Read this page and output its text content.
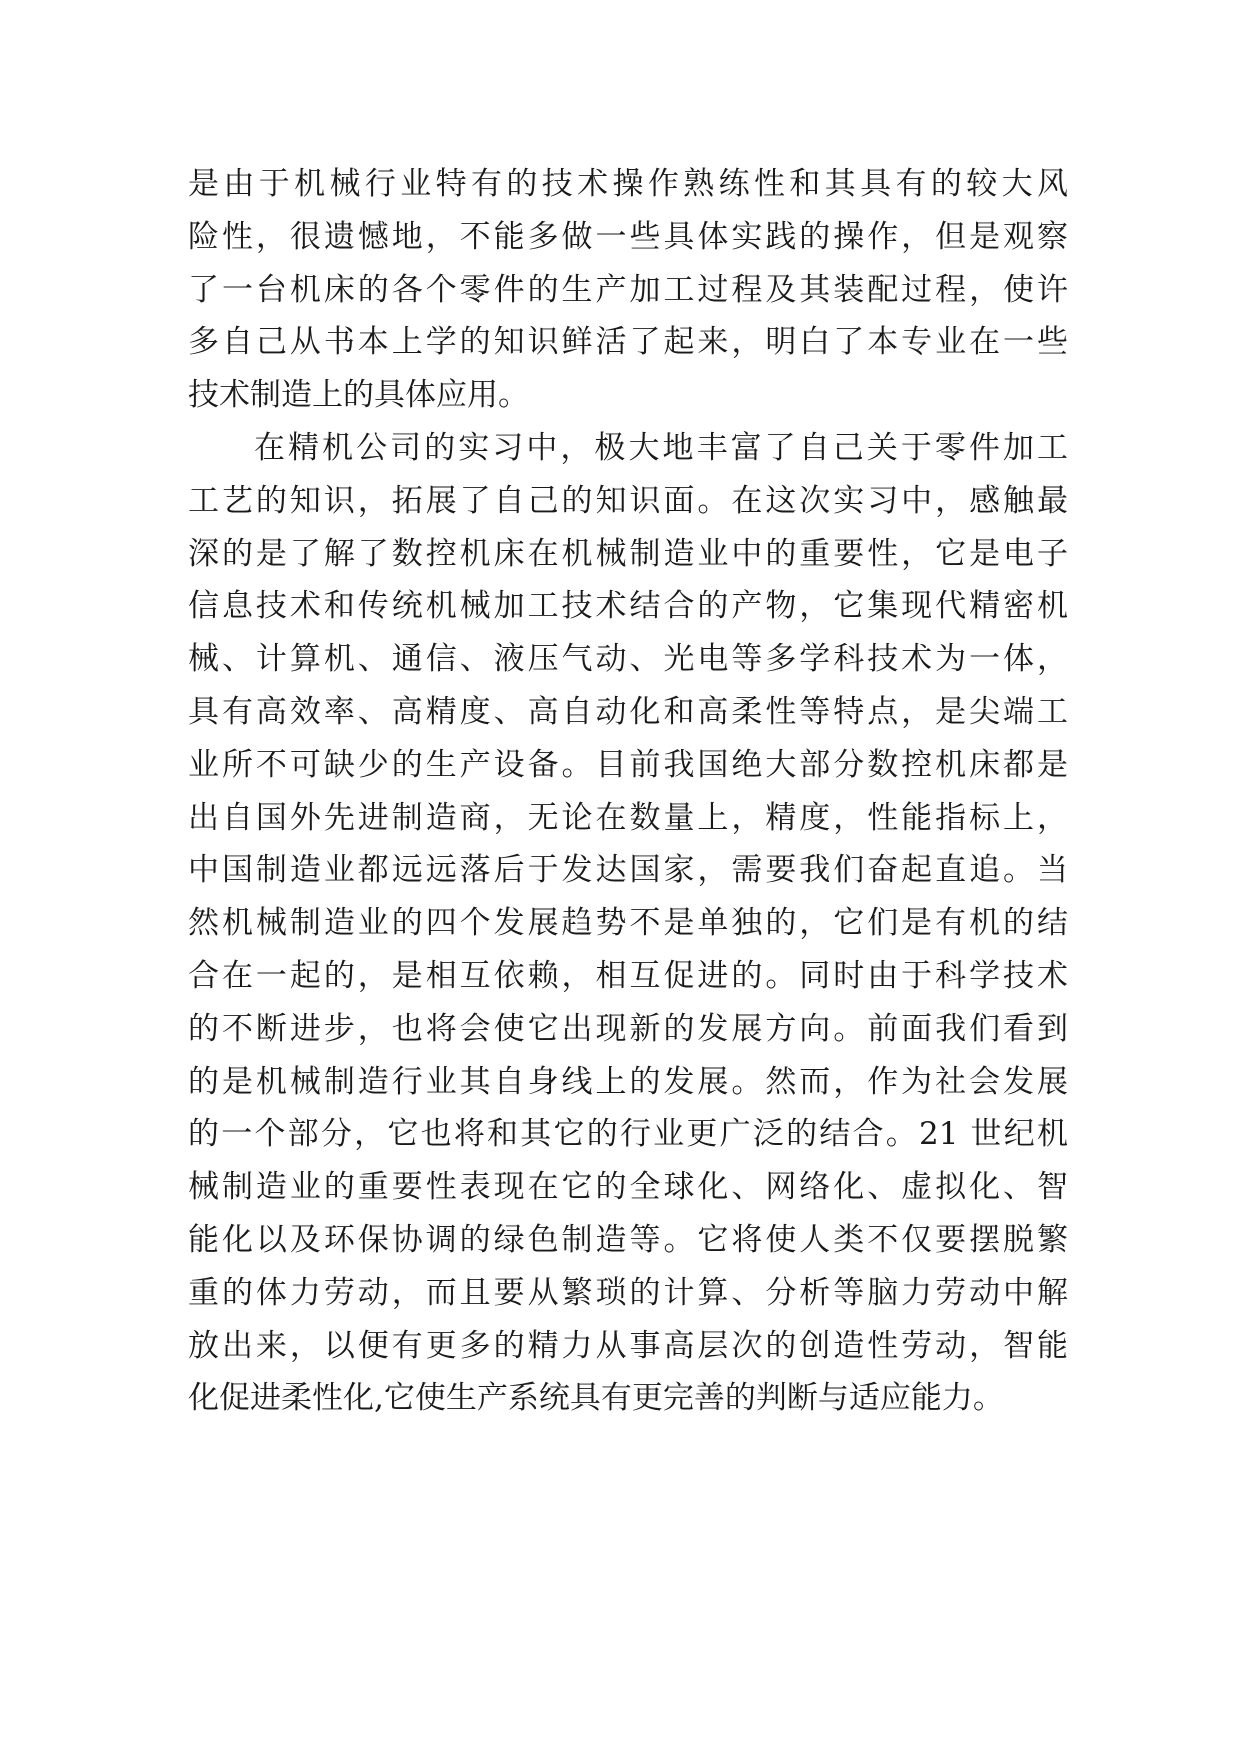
是由于机械行业特有的技术操作熟练性和其具有的较大风
险性，很遗憾地，不能多做一些具体实践的操作，但是观察
了一台机床的各个零件的生产加工过程及其装配过程，使许
多自己从书本上学的知识鲜活了起来，明白了本专业在一些
技术制造上的具体应用。
在精机公司的实习中，极大地丰富了自己关于零件加工
工艺的知识，拓展了自己的知识面。在这次实习中，感触最
深的是了解了数控机床在机械制造业中的重要性，它是电子
信息技术和传统机械加工技术结合的产物，它集现代精密机
械、计算机、通信、液压气动、光电等多学科技术为一体，
具有高效率、高精度、高自动化和高柔性等特点，是尖端工
业所不可缺少的生产设备。目前我国绝大部分数控机床都是
出自国外先进制造商，无论在数量上，精度，性能指标上，
中国制造业都远远落后于发达国家，需要我们奋起直追。当
然机械制造业的四个发展趋势不是单独的，它们是有机的结
合在一起的，是相互依赖，相互促进的。同时由于科学技术
的不断进步，也将会使它出现新的发展方向。前面我们看到
的是机械制造行业其自身线上的发展。然而，作为社会发展
的一个部分，它也将和其它的行业更广泛的结合。21 世纪机
械制造业的重要性表现在它的全球化、网络化、虚拟化、智
能化以及环保协调的绿色制造等。它将使人类不仅要摆脱繁
重的体力劳动，而且要从繁琐的计算、分析等脑力劳动中解
放出来，以便有更多的精力从事高层次的创造性劳动，智能
化促进柔性化,它使生产系统具有更完善的判断与适应能力。
